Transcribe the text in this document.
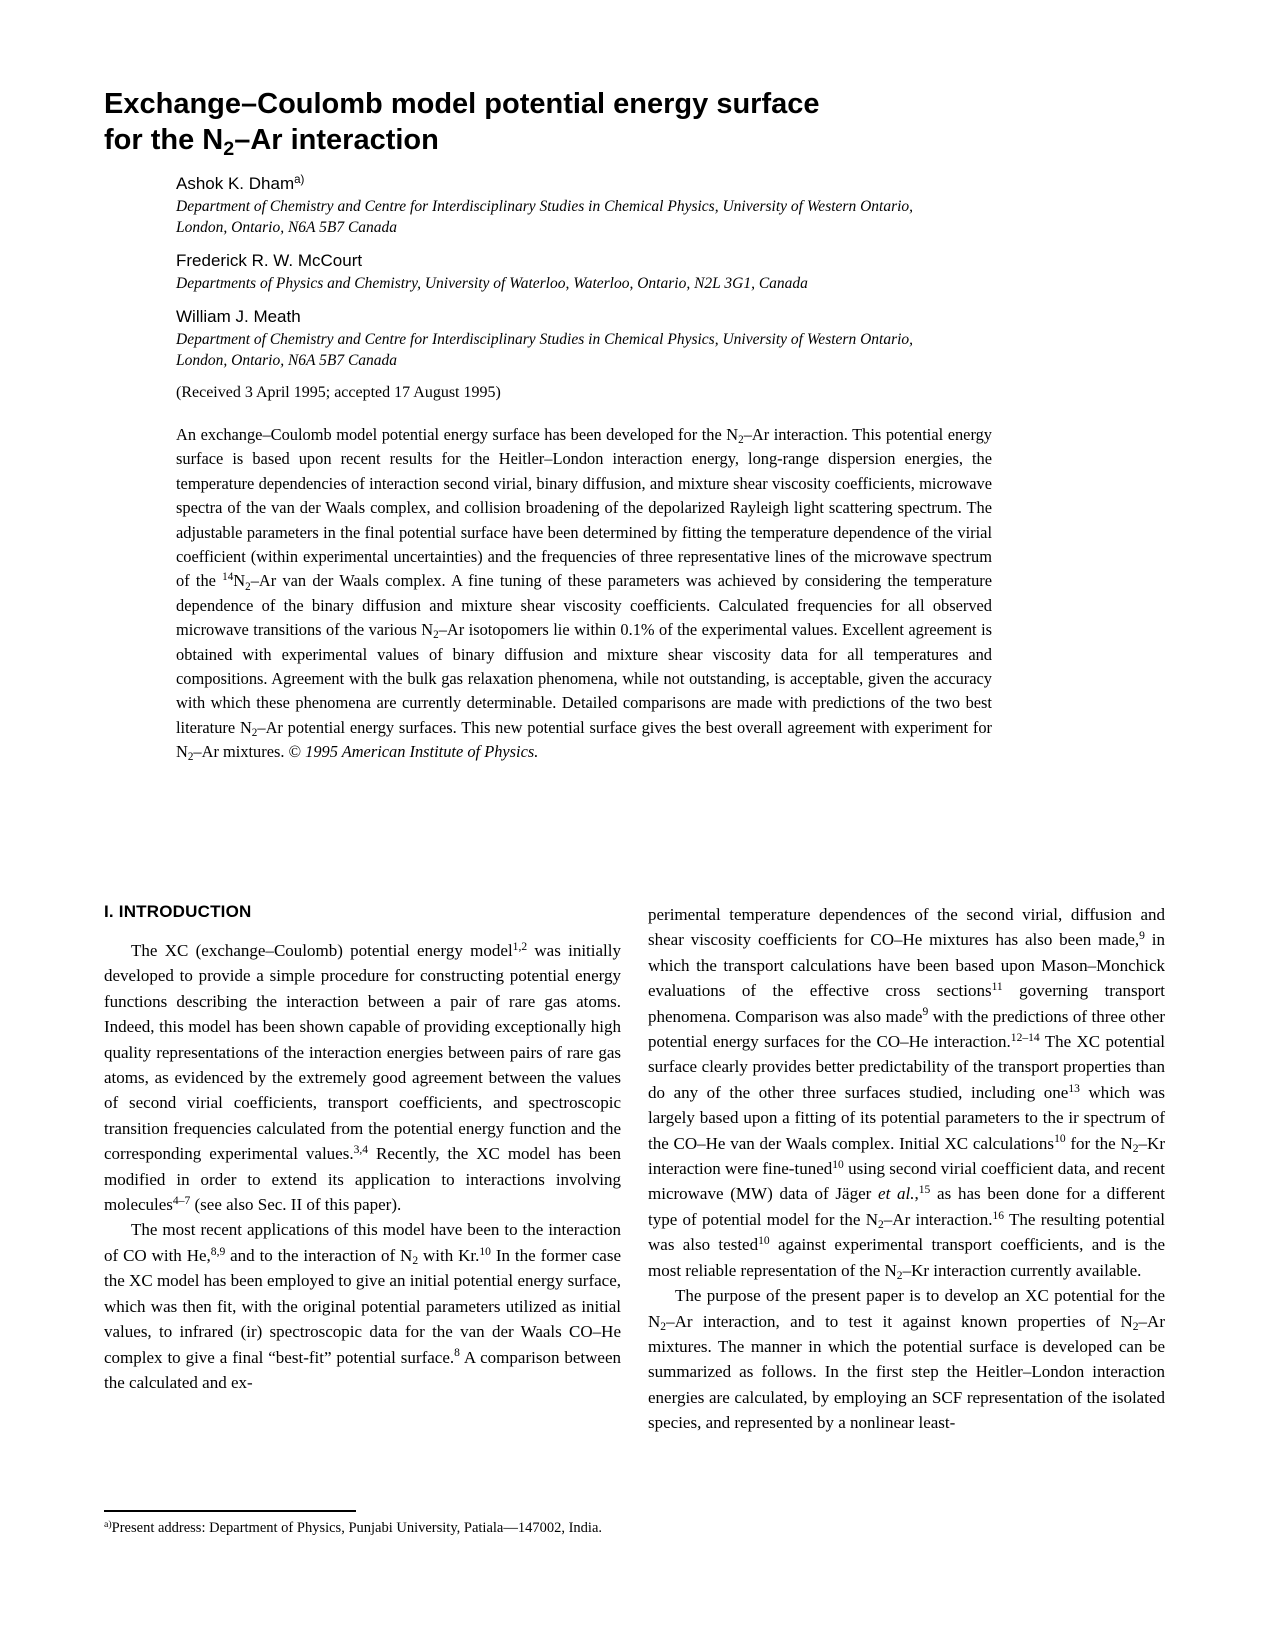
Exchange–Coulomb model potential energy surface
for the $N_2-Ar$ interaction
Ashok K. Dham$^{a)}$
Department of Chemistry and Centre for Interdisciplinary Studies in Chemical Physics, University of Western Ontario, London, Ontario, N6A 5B7 Canada
Frederick R. W. McCourt
Departments of Physics and Chemistry, University of Waterloo, Waterloo, Ontario, N2L 3G1, Canada
William J. Meath
Department of Chemistry and Centre for Interdisciplinary Studies in Chemical Physics, University of Western Ontario, London, Ontario, N6A 5B7 Canada
(Received 3 April 1995; accepted 17 August 1995)
An exchange–Coulomb model potential energy surface has been developed for the $N_2-Ar$ interaction. This potential energy surface is based upon recent results for the Heitler–London interaction energy, long-range dispersion energies, the temperature dependencies of interaction second virial, binary diffusion, and mixture shear viscosity coefficients, microwave spectra of the van der Waals complex, and collision broadening of the depolarized Rayleigh light scattering spectrum. The adjustable parameters in the final potential surface have been determined by fitting the temperature dependence of the virial coefficient (within experimental uncertainties) and the frequencies of three representative lines of the microwave spectrum of the $^{14}N_2-Ar$ van der Waals complex. A fine tuning of these parameters was achieved by considering the temperature dependence of the binary diffusion and mixture shear viscosity coefficients. Calculated frequencies for all observed microwave transitions of the various $N_2-Ar$ isotopomers lie within 0.1% of the experimental values. Excellent agreement is obtained with experimental values of binary diffusion and mixture shear viscosity data for all temperatures and compositions. Agreement with the bulk gas relaxation phenomena, while not outstanding, is acceptable, given the accuracy with which these phenomena are currently determinable. Detailed comparisons are made with predictions of the two best literature $N_2-Ar$ potential energy surfaces. This new potential surface gives the best overall agreement with experiment for $N_2-Ar$ mixtures. © 1995 American Institute of Physics.
I. INTRODUCTION

The XC (exchange–Coulomb) potential energy model$^{1,2}$ was initially developed to provide a simple procedure for constructing potential energy functions describing the interaction between a pair of rare gas atoms. Indeed, this model has been shown capable of providing exceptionally high quality representations of the interaction energies between pairs of rare gas atoms, as evidenced by the extremely good agreement between the values of second virial coefficients, transport coefficients, and spectroscopic transition frequencies calculated from the potential energy function and the corresponding experimental values.$^{3,4}$ Recently, the XC model has been modified in order to extend its application to interactions involving molecules$^{4-7}$ (see also Sec. II of this paper).

The most recent applications of this model have been to the interaction of CO with He,$^{8,9}$ and to the interaction of $N_2$ with Kr.$^{10}$ In the former case the XC model has been employed to give an initial potential energy surface, which was then fit, with the original potential parameters utilized as initial values, to infrared (ir) spectroscopic data for the van der Waals CO–He complex to give a final “best-fit” potential surface.$^8$ A comparison between the calculated and ex-

perimental temperature dependences of the second virial, diffusion and shear viscosity coefficients for CO–He mixtures has also been made,$^9$ in which the transport calculations have been based upon Mason–Monchick evaluations of the effective cross sections$^{11}$ governing transport phenomena. Comparison was also made$^9$ with the predictions of three other potential energy surfaces for the CO–He interaction.$^{12-14}$ The XC potential surface clearly provides better predictability of the transport properties than do any of the other three surfaces studied, including one$^{13}$ which was largely based upon a fitting of its potential parameters to the ir spectrum of the CO–He van der Waals complex. Initial XC calculations$^{10}$ for the $N_2-Kr$ interaction were fine-tuned$^{10}$ using second virial coefficient data, and recent microwave (MW) data of Jäger et al.,$^{15}$ as has been done for a different type of potential model for the $N_2-Ar$ interaction.$^{16}$ The resulting potential was also tested$^{10}$ against experimental transport coefficients, and is the most reliable representation of the $N_2-Kr$ interaction currently available.

The purpose of the present paper is to develop an XC potential for the $N_2-Ar$ interaction, and to test it against known properties of $N_2-Ar$ mixtures. The manner in which the potential surface is developed can be summarized as follows. In the first step the Heitler–London interaction energies are calculated, by employing an SCF representation of the isolated species, and represented by a nonlinear least-

$^{a)}$Present address: Department of Physics, Punjabi University, Patiala—147002, India.
